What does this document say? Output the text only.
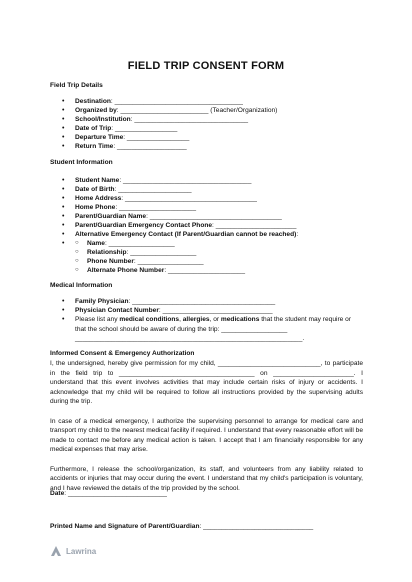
FIELD TRIP CONSENT FORM
Field Trip Details
• Destination: ___________________________________
• Organized by: ________________________ (Teacher/Organization)
• School/Institution: _______________________________
• Date of Trip: _________________
• Departure Time: _________________
• Return Time: ___________________
Student Information
• Student Name: ___________________________________
• Date of Birth: ____________________
• Home Address: ____________________________________
• Home Phone: _____________________
• Parent/Guardian Name: ____________________________________
• Parent/Guardian Emergency Contact Phone: ______________________
• Alternative Emergency Contact (If Parent/Guardian cannot be reached):
○ • Name: __________________
○ Relationship: __________________
○ Phone Number: __________________
○ Alternate Phone Number: _____________________
Medical Information
• Family Physician: _______________________________________
• Physician Contact Number: ______________________________
• Please list any medical conditions, allergies, or medications that the student may require or that the school should be aware of during the trip: __________________ ______________________________________________________________.
Informed Consent & Emergency Authorization

I, the undersigned, hereby give permission for my child, ____________________________, to participate in the field trip to _____________________________________ on ______________________. I understand that this event involves activities that may include certain risks of injury or accidents. I acknowledge that my child will be required to follow all instructions provided by the supervising adults during the trip.

In case of a medical emergency, I authorize the supervising personnel to arrange for medical care and transport my child to the nearest medical facility if required. I understand that every reasonable effort will be made to contact me before any medical action is taken. I accept that I am financially responsible for any medical expenses that may arise.

Furthermore, I release the school/organization, its staff, and volunteers from any liability related to accidents or injuries that may occur during the event. I understand that my child's participation is voluntary, and I have reviewed the details of the trip provided by the school.

Date: ___________________________
Printed Name and Signature of Parent/Guardian: ______________________________
Lawrina
